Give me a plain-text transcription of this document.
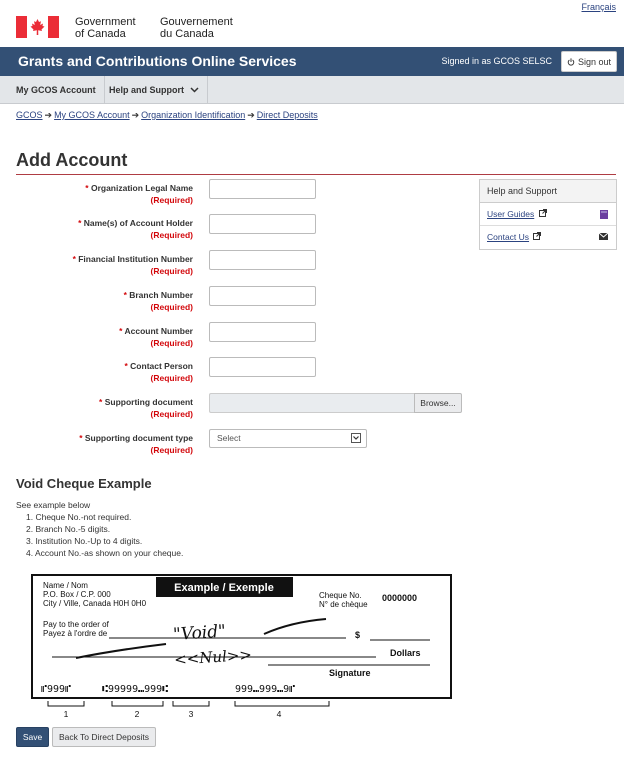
Français
Government
of Canada
Gouvernement
du Canada
Grants and Contributions Online Services	Signed in as GCOS SELSC	Sign out
My GCOS Account	Help and Support
GCOS ➔ My GCOS Account ➔ Organization Identification ➔ Direct Deposits
Add Account
* Organization Legal Name
(Required)
* Name(s) of Account Holder
(Required)
* Financial Institution Number
(Required)
* Branch Number
(Required)
* Account Number
(Required)
* Contact Person
(Required)
* Supporting document
(Required)
Browse...
* Supporting document type
(Required)
Select
Help and Support
User Guides
Contact Us
Void Cheque Example
See example below
1. Cheque No.-not required.
2. Branch No.-5 digits.
3. Institution No.-Up to 4 digits.
4. Account No.-as shown on your cheque.
Example / Exemple
Name / Nom
P.O. Box / C.P. 000
City / Ville, Canada H0H 0H0
Cheque No.
N° de chèque
0000000
Pay to the order of
Payez à l'ordre de	$
Dollars
Signature
"Void"
<<Nul>>
⑈999⑈	⑆99999⑉999⑆	999⑉999⑉9⑈
1	2	3	4
Save	Back To Direct Deposits
